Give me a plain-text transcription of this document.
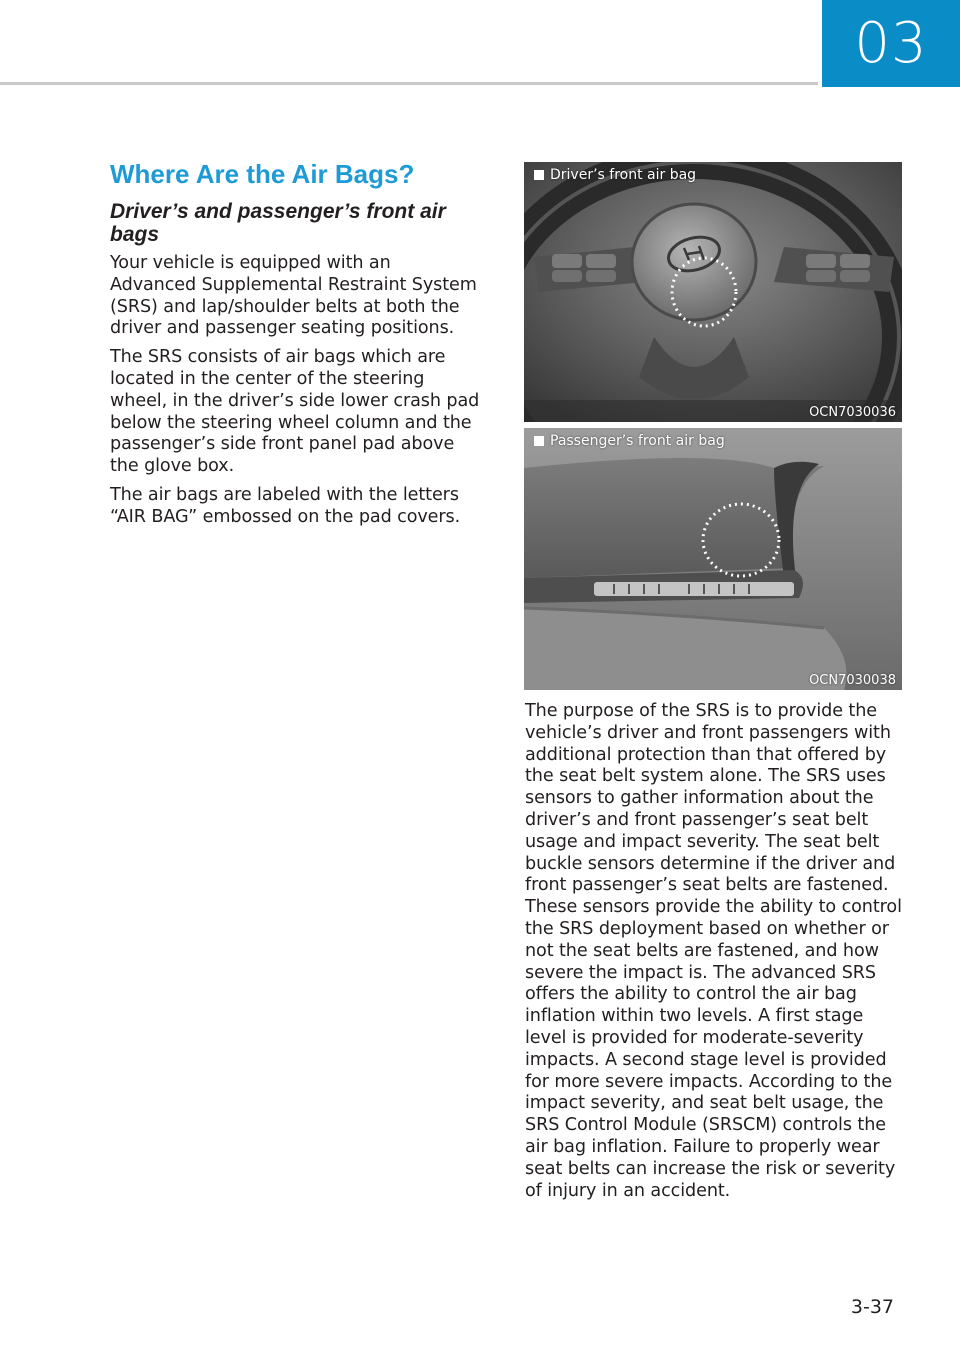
03
Where Are the Air Bags?
Driver’s and passenger’s front air bags

Your vehicle is equipped with an Advanced Supplemental Restraint System (SRS) and lap/shoulder belts at both the driver and passenger seating positions.

The SRS consists of air bags which are located in the center of the steering wheel, in the driver’s side lower crash pad below the steering wheel column and the passenger’s side front panel pad above the glove box.

The air bags are labeled with the letters “AIR BAG” embossed on the pad covers.

Driver’s front air bag
OCN7030036
Passenger’s front air bag
OCN7030038

The purpose of the SRS is to provide the vehicle’s driver and front passengers with additional protection than that offered by the seat belt system alone. The SRS uses sensors to gather information about the driver’s and front passenger’s seat belt usage and impact severity. The seat belt buckle sensors determine if the driver and front passenger’s seat belts are fastened. These sensors provide the ability to control the SRS deployment based on whether or not the seat belts are fastened, and how severe the impact is. The advanced SRS offers the ability to control the air bag inflation within two levels. A first stage level is provided for moderate-severity impacts. A second stage level is provided for more severe impacts. According to the impact severity, and seat belt usage, the SRS Control Module (SRSCM) controls the air bag inflation. Failure to properly wear seat belts can increase the risk or severity of injury in an accident.

3-37
